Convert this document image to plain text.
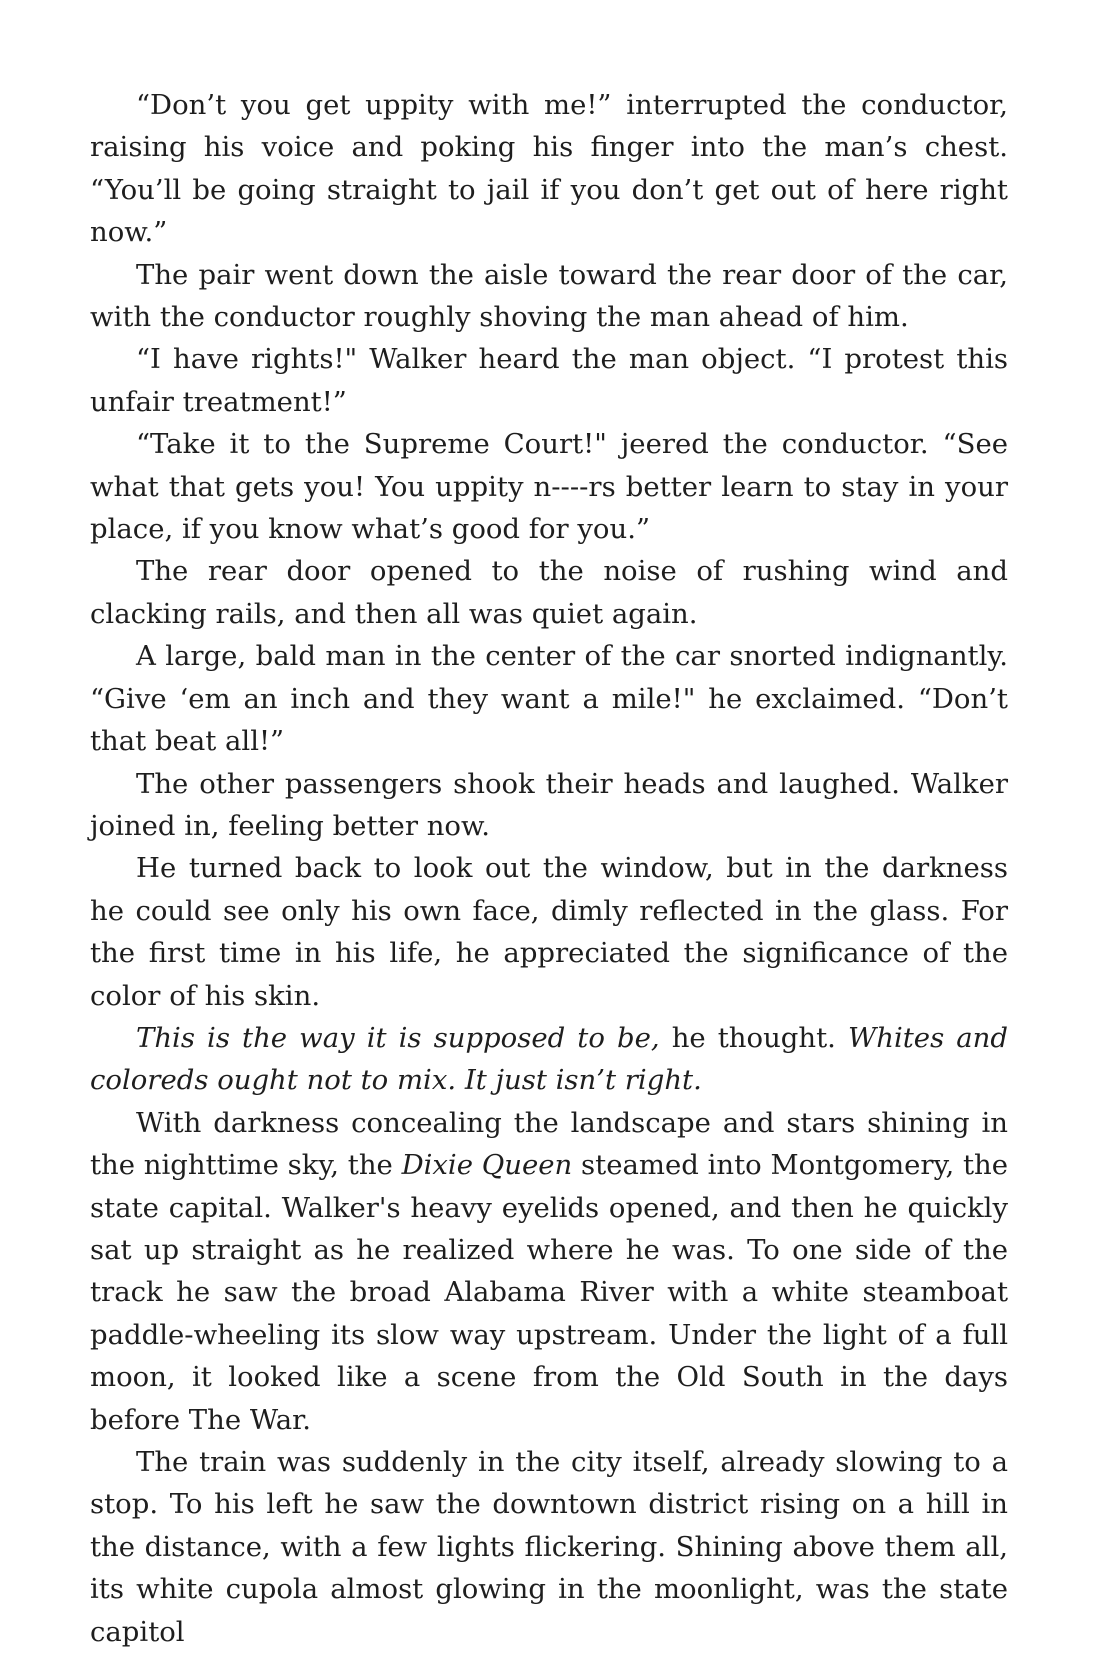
“Don’t you get uppity with me!” interrupted the conductor, raising his voice and poking his finger into the man’s chest. “You’ll be going straight to jail if you don’t get out of here right now.”

The pair went down the aisle toward the rear door of the car, with the conductor roughly shoving the man ahead of him.

“I have rights!" Walker heard the man object. “I protest this unfair treatment!”

“Take it to the Supreme Court!" jeered the conductor. “See what that gets you! You uppity n----rs better learn to stay in your place, if you know what’s good for you.”

The rear door opened to the noise of rushing wind and clacking rails, and then all was quiet again.

A large, bald man in the center of the car snorted indignantly. “Give ‘em an inch and they want a mile!" he exclaimed. “Don’t that beat all!”

The other passengers shook their heads and laughed. Walker joined in, feeling better now.

He turned back to look out the window, but in the darkness he could see only his own face, dimly reflected in the glass. For the first time in his life, he appreciated the significance of the color of his skin.

This is the way it is supposed to be, he thought. Whites and coloreds ought not to mix. It just isn’t right.

With darkness concealing the landscape and stars shining in the nighttime sky, the Dixie Queen steamed into Montgomery, the state capital. Walker's heavy eyelids opened, and then he quickly sat up straight as he realized where he was. To one side of the track he saw the broad Alabama River with a white steamboat paddle-wheeling its slow way upstream. Under the light of a full moon, it looked like a scene from the Old South in the days before The War.

The train was suddenly in the city itself, already slowing to a stop. To his left he saw the downtown district rising on a hill in the distance, with a few lights flickering. Shining above them all, its white cupola almost glowing in the moonlight, was the state capitol
